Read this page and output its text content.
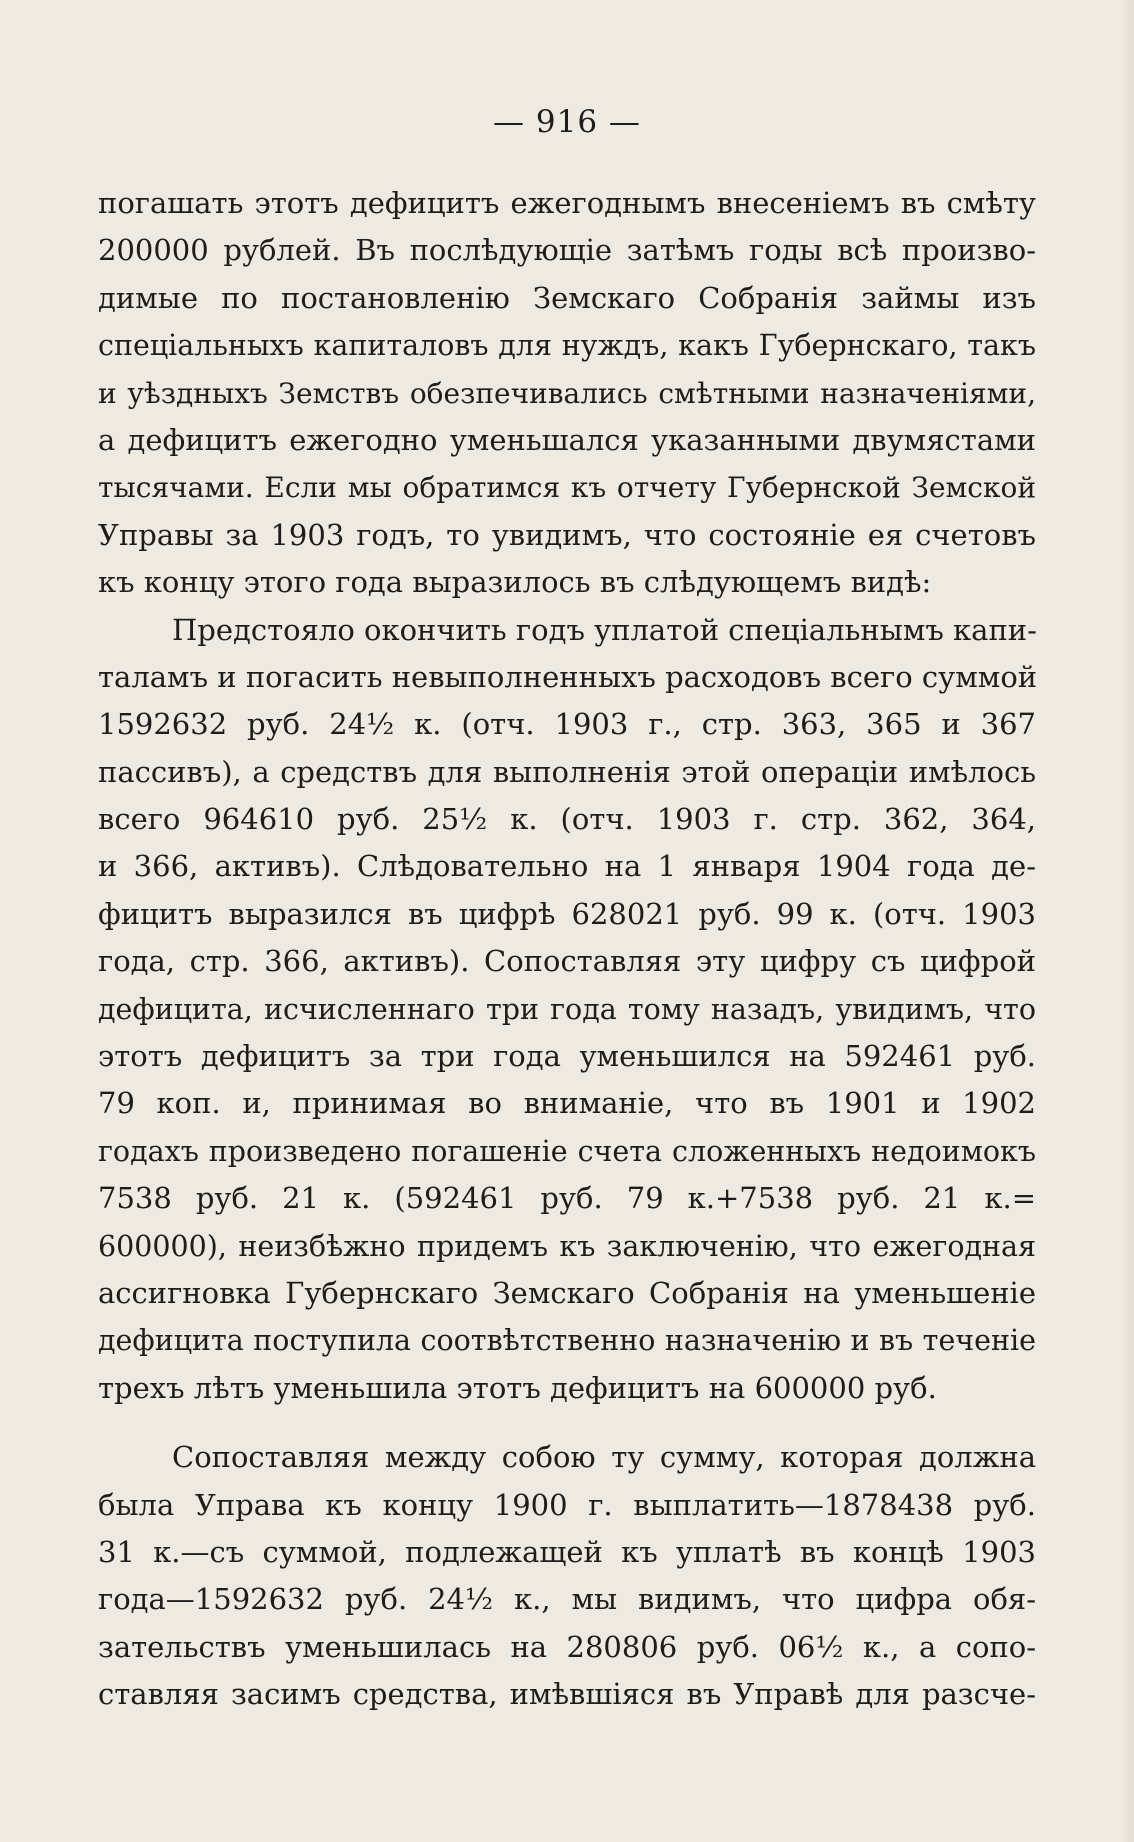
— 916 —
погашать этотъ дефицитъ ежегоднымъ внесеніемъ въ смѣту
200000 рублей. Въ послѣдующіе затѣмъ годы всѣ произво-
димые по постановленію Земскаго Собранія займы изъ
спеціальныхъ капиталовъ для нуждъ, какъ Губернскаго, такъ
и уѣздныхъ Земствъ обезпечивались смѣтными назначеніями,
а дефицитъ ежегодно уменьшался указанными двумястами
тысячами. Если мы обратимся къ отчету Губернской Земской
Управы за 1903 годъ, то увидимъ, что состояніе ея счетовъ
къ концу этого года выразилось въ слѣдующемъ видѣ:
Предстояло окончить годъ уплатой спеціальнымъ капи-
таламъ и погасить невыполненныхъ расходовъ всего суммой
1592632 руб. 24½ к. (отч. 1903 г., стр. 363, 365 и 367
пассивъ), а средствъ для выполненія этой операціи имѣлось
всего 964610 руб. 25½ к. (отч. 1903 г. стр. 362, 364,
и 366, активъ). Слѣдовательно на 1 января 1904 года де-
фицитъ выразился въ цифрѣ 628021 руб. 99 к. (отч. 1903
года, стр. 366, активъ). Сопоставляя эту цифру съ цифрой
дефицита, исчисленнаго три года тому назадъ, увидимъ, что
этотъ дефицитъ за три года уменьшился на 592461 руб.
79 коп. и, принимая во вниманіе, что въ 1901 и 1902
годахъ произведено погашеніе счета сложенныхъ недоимокъ
7538 руб. 21 к. (592461 руб. 79 к.+7538 руб. 21 к.=
600000), неизбѣжно придемъ къ заключенію, что ежегодная
ассигновка Губернскаго Земскаго Собранія на уменьшеніе
дефицита поступила соотвѣтственно назначенію и въ теченіе
трехъ лѣтъ уменьшила этотъ дефицитъ на 600000 руб.
Сопоставляя между собою ту сумму, которая должна
была Управа къ концу 1900 г. выплатить—1878438 руб.
31 к.—съ суммой, подлежащей къ уплатѣ въ концѣ 1903
года—1592632 руб. 24½ к., мы видимъ, что цифра обя-
зательствъ уменьшилась на 280806 руб. 06½ к., а сопо-
ставляя засимъ средства, имѣвшіяся въ Управѣ для разсче-
